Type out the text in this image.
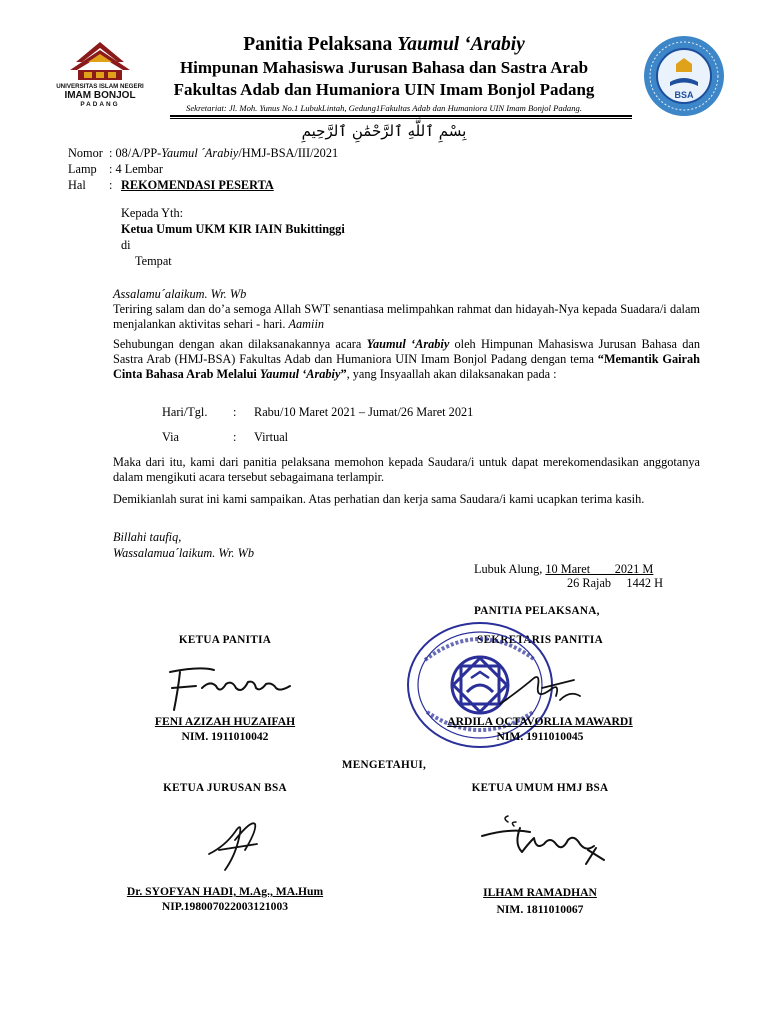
UNIVERSITAS ISLAM NEGERI
IMAM BONJOL
PADANG
Panitia Pelaksana Yaumul ‘Arabiy
Himpunan Mahasiswa Jurusan Bahasa dan Sastra Arab
Fakultas Adab dan Humaniora UIN Imam Bonjol Padang
Sekretariat: Jl. Moh. Yunus No.1 LubukLintah, Gedung1Fakultas Adab dan Humaniora UIN Imam Bonjol Padang.
BSA
بِسْمِ ٱللَّهِ ٱلرَّحْمَٰنِ ٱلرَّحِيمِ
Nomor : 08/A/PP-Yaumul ´Arabiy/HMJ-BSA/III/2021
Lamp : 4 Lembar
Hal : REKOMENDASI PESERTA
Kepada Yth:
Ketua Umum UKM KIR IAIN Bukittinggi
di
Tempat
Assalamu´alaikum. Wr. Wb
Teriring salam dan do’a semoga Allah SWT senantiasa melimpahkan rahmat dan hidayah-Nya kepada Suadara/i dalam menjalankan aktivitas sehari - hari. Aamiin
Sehubungan dengan akan dilaksanakannya acara Yaumul ‘Arabiy oleh Himpunan Mahasiswa Jurusan Bahasa dan Sastra Arab (HMJ-BSA) Fakultas Adab dan Humaniora UIN Imam Bonjol Padang dengan tema “Memantik Gairah Cinta Bahasa Arab Melalui Yaumul ‘Arabiy”, yang Insyaallah akan dilaksanakan pada :
Hari/Tgl. : Rabu/10 Maret 2021 – Jumat/26 Maret 2021
Via	: Virtual
Maka dari itu, kami dari panitia pelaksana memohon kepada Saudara/i untuk dapat merekomendasikan anggotanya dalam mengikuti acara tersebut sebagaimana terlampir.
Demikianlah surat ini kami sampaikan. Atas perhatian dan kerja sama Saudara/i kami ucapkan terima kasih.
Billahi taufiq,
Wassalamua´laikum. Wr. Wb
Lubuk Alung, 10 Maret        2021 M
26 Rajab     1442 H
PANITIA PELAKSANA,
KETUA PANITIA	SEKRETARIS PANITIA
FENI AZIZAH HUZAIFAH
NIM. 1911010042
ARDILA OCTAVORLIA MAWARDI
NIM. 1911010045
MENGETAHUI,
KETUA JURUSAN BSA	KETUA UMUM HMJ BSA
Dr. SYOFYAN HADI, M.Ag., MA.Hum
NIP.198007022003121003
ILHAM RAMADHAN
NIM. 1811010067
